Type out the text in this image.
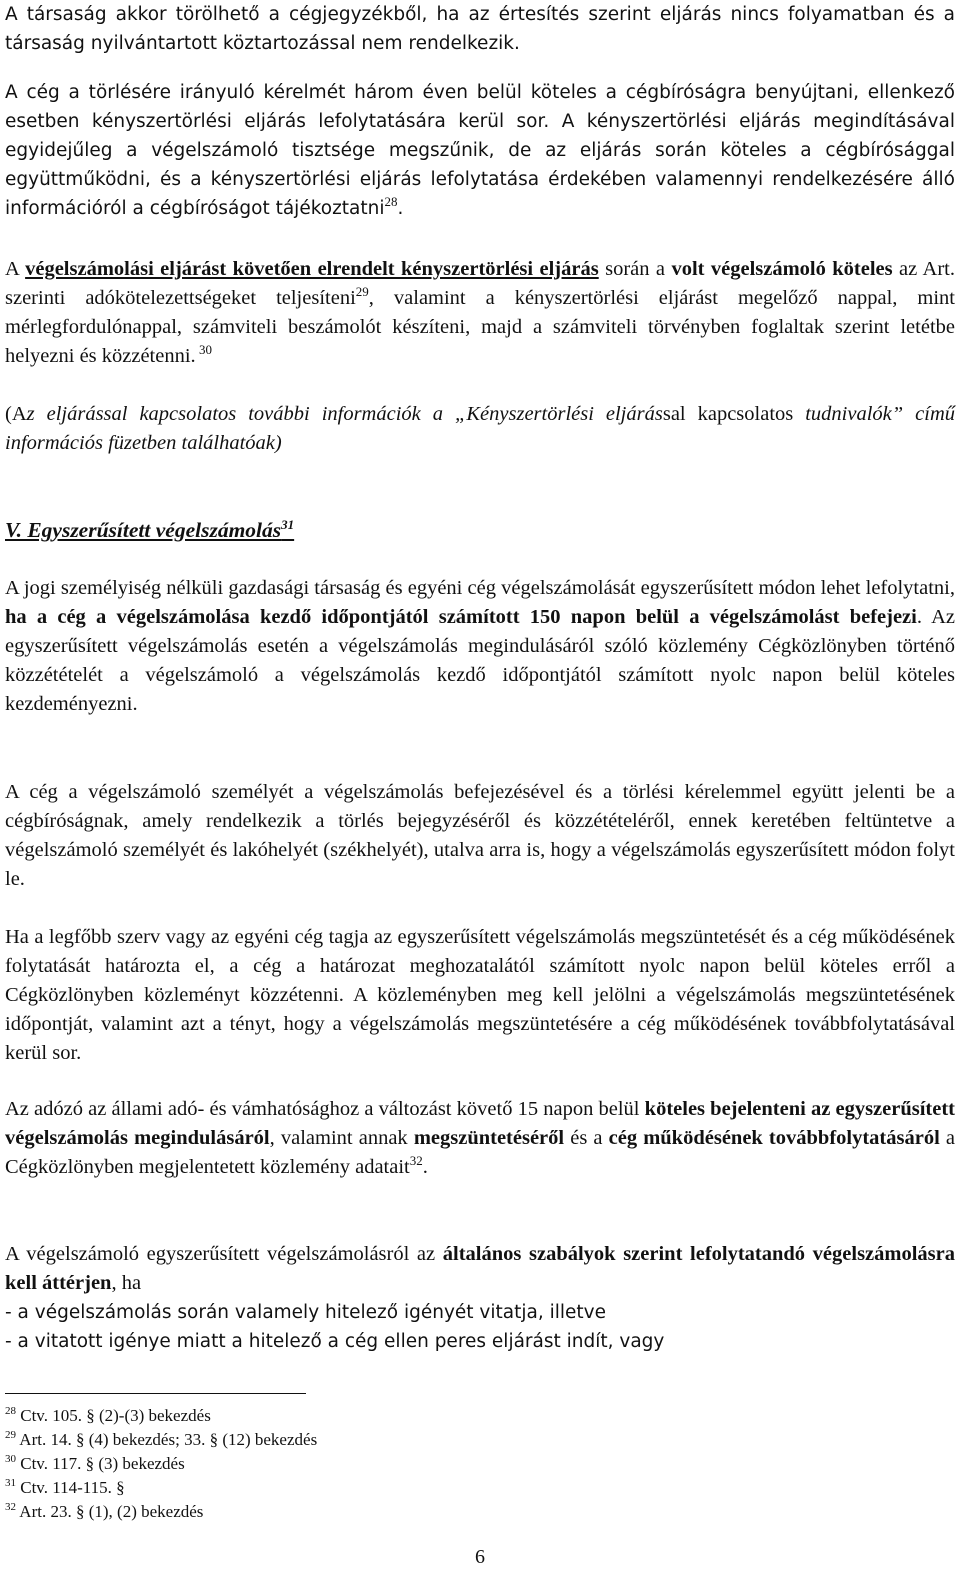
A társaság akkor törölhető a cégjegyzékből, ha az értesítés szerint eljárás nincs folyamatban és a társaság nyilvántartott köztartozással nem rendelkezik.

A cég a törlésére irányuló kérelmét három éven belül köteles a cégbíróságra benyújtani, ellenkező esetben kényszertörlési eljárás lefolytatására kerül sor. A kényszertörlési eljárás megindításával egyidejűleg a végelszámoló tisztsége megszűnik, de az eljárás során köteles a cégbírósággal együttműködni, és a kényszertörlési eljárás lefolytatása érdekében valamennyi rendelkezésére álló információról a cégbíróságot tájékoztatni$^{28}$.

A végelszámolási eljárást követően elrendelt kényszertörlési eljárás során a volt végelszámoló köteles az Art. szerinti adókötelezettségeket teljesíteni$^{29}$, valamint a kényszertörlési eljárást megelőző nappal, mint mérlegfordulónappal, számviteli beszámolót készíteni, majd a számviteli törvényben foglaltak szerint letétbe helyezni és közzétenni. $^{30}$

(Az eljárással kapcsolatos további információk a „Kényszertörlési eljárással kapcsolatos tudnivalók” című információs füzetben találhatóak)

V. Egyszerűsített végelszámolás$^{31}$

A jogi személyiség nélküli gazdasági társaság és egyéni cég végelszámolását egyszerűsített módon lehet lefolytatni, ha a cég a végelszámolása kezdő időpontjától számított 150 napon belül a végelszámolást befejezi. Az egyszerűsített végelszámolás esetén a végelszámolás megindulásáról szóló közlemény Cégközlönyben történő közzétételét a végelszámoló a végelszámolás kezdő időpontjától számított nyolc napon belül köteles kezdeményezni.

A cég a végelszámoló személyét a végelszámolás befejezésével és a törlési kérelemmel együtt jelenti be a cégbíróságnak, amely rendelkezik a törlés bejegyzéséről és közzétételéről, ennek keretében feltüntetve a végelszámoló személyét és lakóhelyét (székhelyét), utalva arra is, hogy a végelszámolás egyszerűsített módon folyt le.

Ha a legfőbb szerv vagy az egyéni cég tagja az egyszerűsített végelszámolás megszüntetését és a cég működésének folytatását határozta el, a cég a határozat meghozatalától számított nyolc napon belül köteles erről a Cégközlönyben közleményt közzétenni. A közleményben meg kell jelölni a végelszámolás megszüntetésének időpontját, valamint azt a tényt, hogy a végelszámolás megszüntetésére a cég működésének továbbfolytatásával kerül sor.

Az adózó az állami adó- és vámhatósághoz a változást követő 15 napon belül köteles bejelenteni az egyszerűsített végelszámolás megindulásáról, valamint annak megszüntetéséről és a cég működésének továbbfolytatásáról a Cégközlönyben megjelentetett közlemény adatait$^{32}$.

A végelszámoló egyszerűsített végelszámolásról az általános szabályok szerint lefolytatandó végelszámolásra kell áttérjen, ha

- a végelszámolás során valamely hitelező igényét vitatja, illetve

- a vitatott igénye miatt a hitelező a cég ellen peres eljárást indít, vagy

$^{28}$ Ctv. 105. § (2)-(3) bekezdés

$^{29}$ Art. 14. § (4) bekezdés; 33. § (12) bekezdés

$^{30}$ Ctv. 117. § (3) bekezdés

$^{31}$ Ctv. 114-115. §

$^{32}$ Art. 23. § (1), (2) bekezdés

6
